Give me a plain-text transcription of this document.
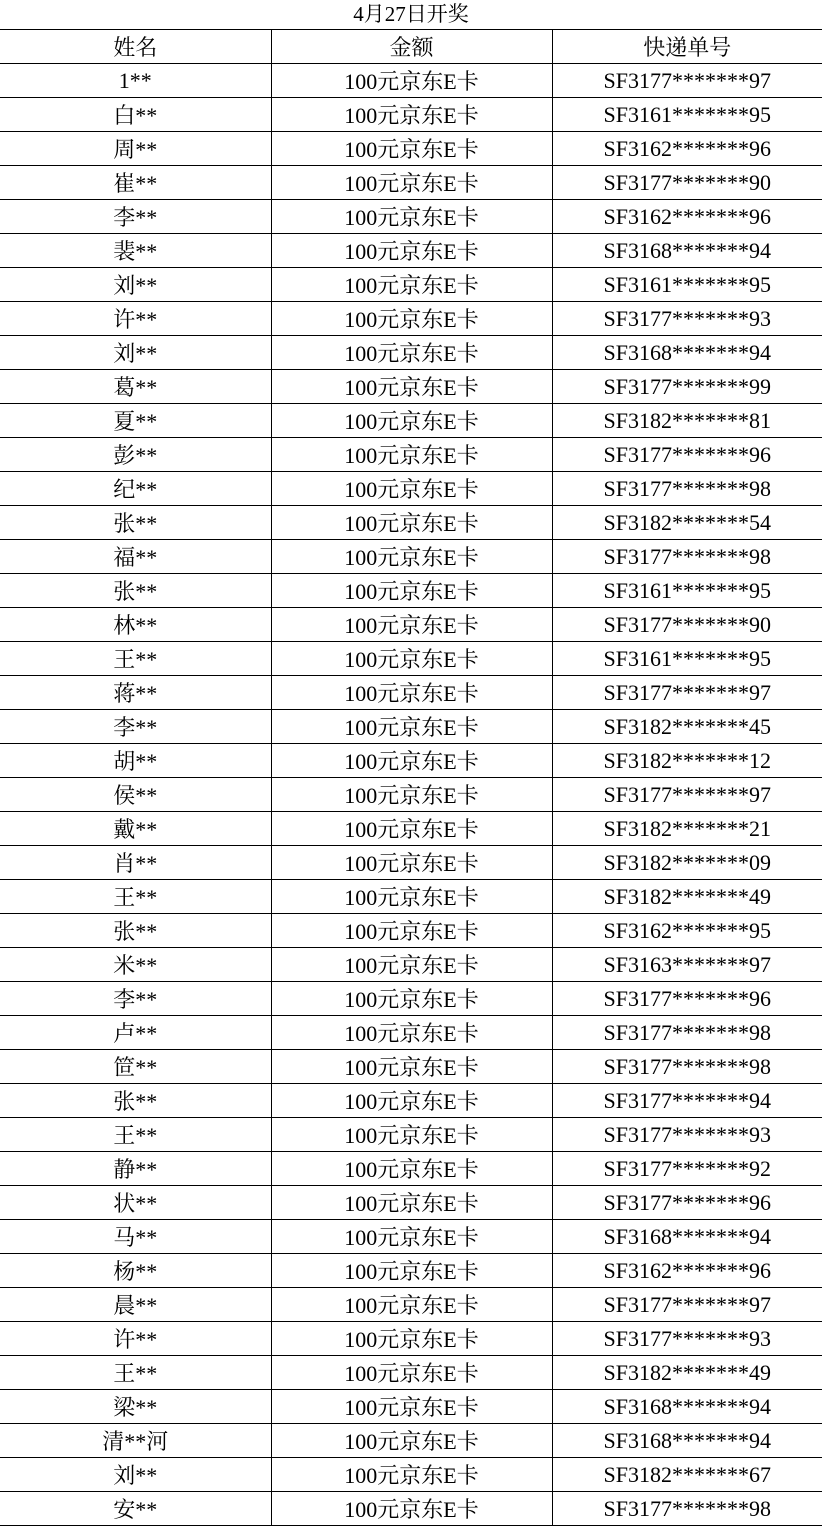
4月27日开奖
姓名	金额	快递单号
1**	100元京东E卡	SF3177*******97
白**	100元京东E卡	SF3161*******95
周**	100元京东E卡	SF3162*******96
崔**	100元京东E卡	SF3177*******90
李**	100元京东E卡	SF3162*******96
裴**	100元京东E卡	SF3168*******94
刘**	100元京东E卡	SF3161*******95
许**	100元京东E卡	SF3177*******93
刘**	100元京东E卡	SF3168*******94
葛**	100元京东E卡	SF3177*******99
夏**	100元京东E卡	SF3182*******81
彭**	100元京东E卡	SF3177*******96
纪**	100元京东E卡	SF3177*******98
张**	100元京东E卡	SF3182*******54
福**	100元京东E卡	SF3177*******98
张**	100元京东E卡	SF3161*******95
林**	100元京东E卡	SF3177*******90
王**	100元京东E卡	SF3161*******95
蒋**	100元京东E卡	SF3177*******97
李**	100元京东E卡	SF3182*******45
胡**	100元京东E卡	SF3182*******12
侯**	100元京东E卡	SF3177*******97
戴**	100元京东E卡	SF3182*******21
肖**	100元京东E卡	SF3182*******09
王**	100元京东E卡	SF3182*******49
张**	100元京东E卡	SF3162*******95
米**	100元京东E卡	SF3163*******97
李**	100元京东E卡	SF3177*******96
卢**	100元京东E卡	SF3177*******98
笸**	100元京东E卡	SF3177*******98
张**	100元京东E卡	SF3177*******94
王**	100元京东E卡	SF3177*******93
静**	100元京东E卡	SF3177*******92
状**	100元京东E卡	SF3177*******96
马**	100元京东E卡	SF3168*******94
杨**	100元京东E卡	SF3162*******96
晨**	100元京东E卡	SF3177*******97
许**	100元京东E卡	SF3177*******93
王**	100元京东E卡	SF3182*******49
梁**	100元京东E卡	SF3168*******94
清**河	100元京东E卡	SF3168*******94
刘**	100元京东E卡	SF3182*******67
安**	100元京东E卡	SF3177*******98
